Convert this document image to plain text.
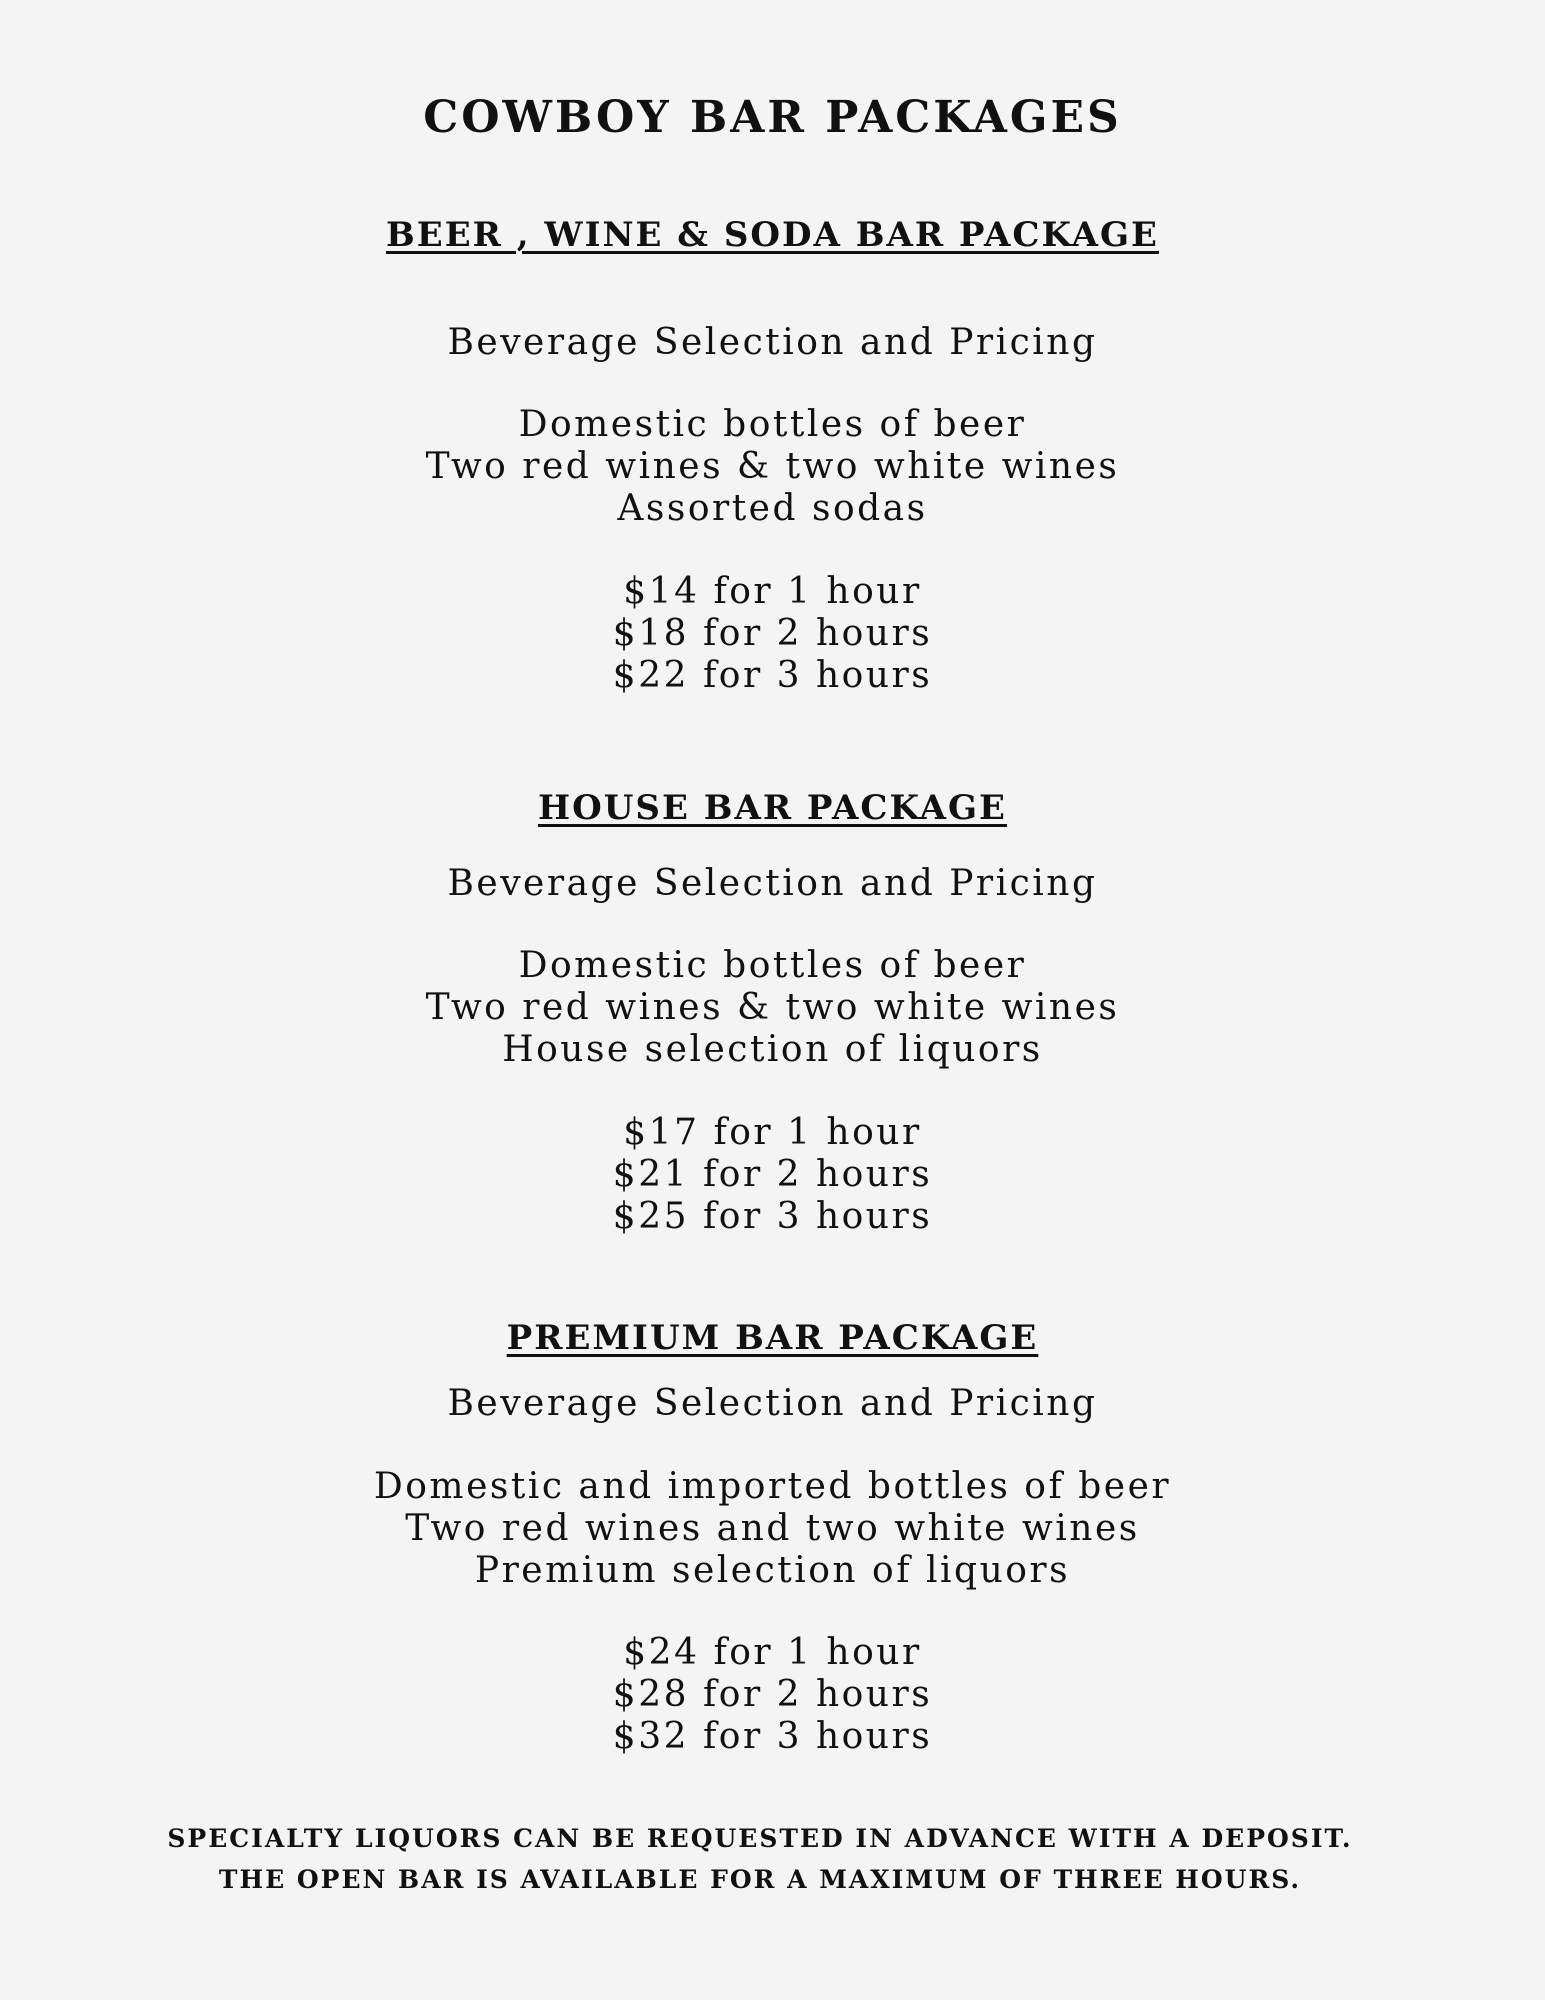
COWBOY BAR PACKAGES
BEER , WINE & SODA BAR PACKAGE
Beverage Selection and Pricing
Domestic bottles of beer
Two red wines & two white wines
Assorted sodas
$14 for 1 hour
$18 for 2 hours
$22 for 3 hours
HOUSE BAR PACKAGE
Beverage Selection and Pricing
Domestic bottles of beer
Two red wines & two white wines
House selection of liquors
$17 for 1 hour
$21 for 2 hours
$25 for 3 hours
PREMIUM BAR PACKAGE
Beverage Selection and Pricing
Domestic and imported bottles of beer
Two red wines and two white wines
Premium selection of liquors
$24 for 1 hour
$28 for 2 hours
$32 for 3 hours
SPECIALTY LIQUORS CAN BE REQUESTED IN ADVANCE WITH A DEPOSIT.
THE OPEN BAR IS AVAILABLE FOR A MAXIMUM OF THREE HOURS.
